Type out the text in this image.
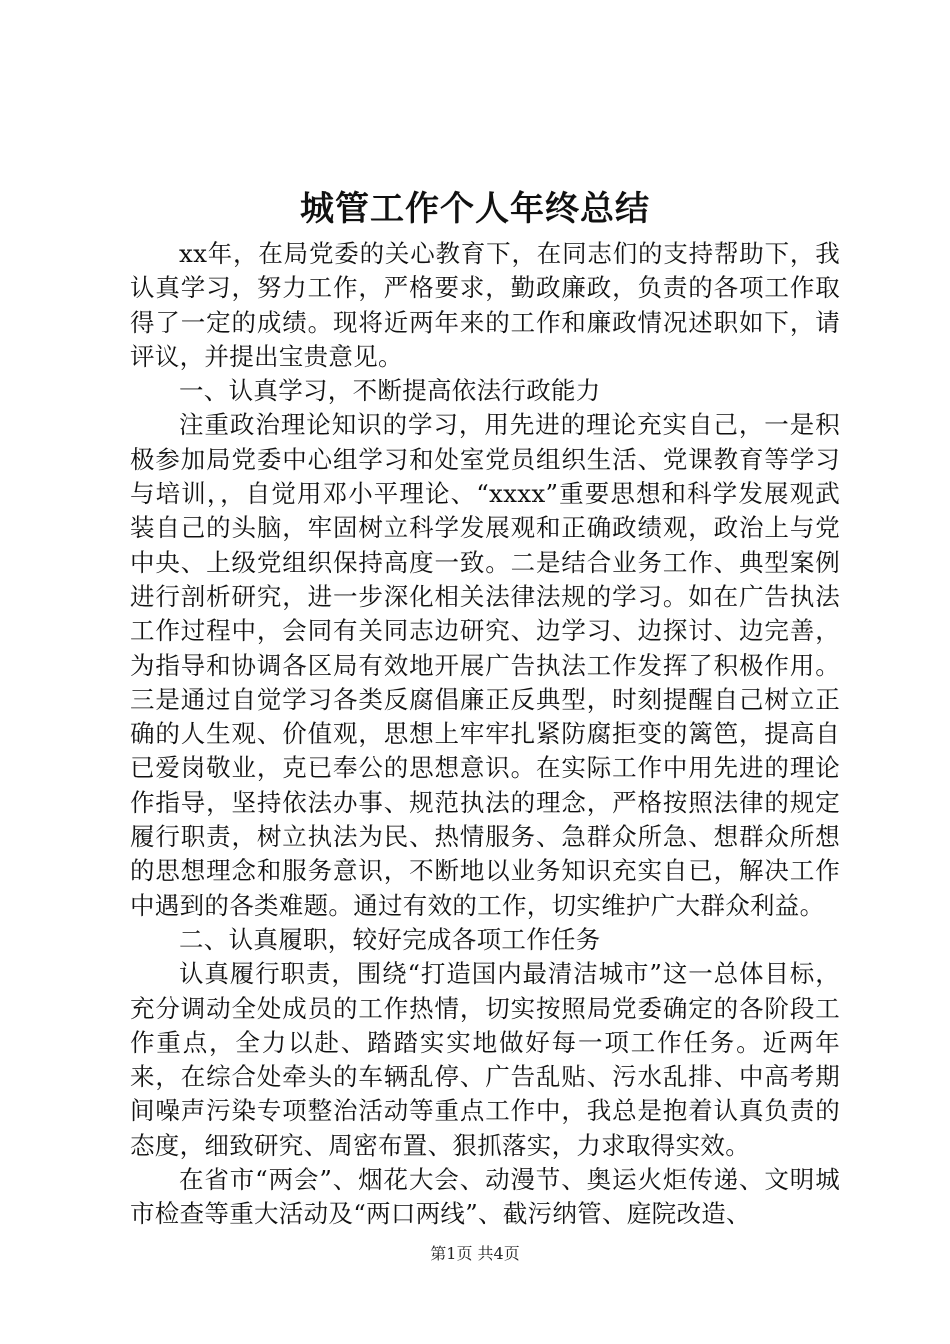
城管工作个人年终总结

xx年，在局党委的关心教育下，在同志们的支持帮助下，我认真学习，努力工作，严格要求，勤政廉政，负责的各项工作取得了一定的成绩。现将近两年来的工作和廉政情况述职如下，请评议，并提出宝贵意见。

一、认真学习，不断提高依法行政能力

注重政治理论知识的学习，用先进的理论充实自己，一是积极参加局党委中心组学习和处室党员组织生活、党课教育等学习与培训，，自觉用邓小平理论、“xxxx”重要思想和科学发展观武装自己的头脑，牢固树立科学发展观和正确政绩观，政治上与党中央、上级党组织保持高度一致。二是结合业务工作、典型案例进行剖析研究，进一步深化相关法律法规的学习。如在广告执法工作过程中，会同有关同志边研究、边学习、边探讨、边完善，为指导和协调各区局有效地开展广告执法工作发挥了积极作用。三是通过自觉学习各类反腐倡廉正反典型，时刻提醒自己树立正确的人生观、价值观，思想上牢牢扎紧防腐拒变的篱笆，提高自已爱岗敬业，克已奉公的思想意识。在实际工作中用先进的理论作指导，坚持依法办事、规范执法的理念，严格按照法律的规定履行职责，树立执法为民、热情服务、急群众所急、想群众所想的思想理念和服务意识，不断地以业务知识充实自已，解决工作中遇到的各类难题。通过有效的工作，切实维护广大群众利益。

二、认真履职，较好完成各项工作任务

认真履行职责，围绕“打造国内最清洁城市”这一总体目标，充分调动全处成员的工作热情，切实按照局党委确定的各阶段工作重点，全力以赴、踏踏实实地做好每一项工作任务。近两年来，在综合处牵头的车辆乱停、广告乱贴、污水乱排、中高考期间噪声污染专项整治活动等重点工作中，我总是抱着认真负责的态度，细致研究、周密布置、狠抓落实，力求取得实效。

在省市“两会”、烟花大会、动漫节、奥运火炬传递、文明城市检查等重大活动及“两口两线”、截污纳管、庭院改造、

第1页 共4页
